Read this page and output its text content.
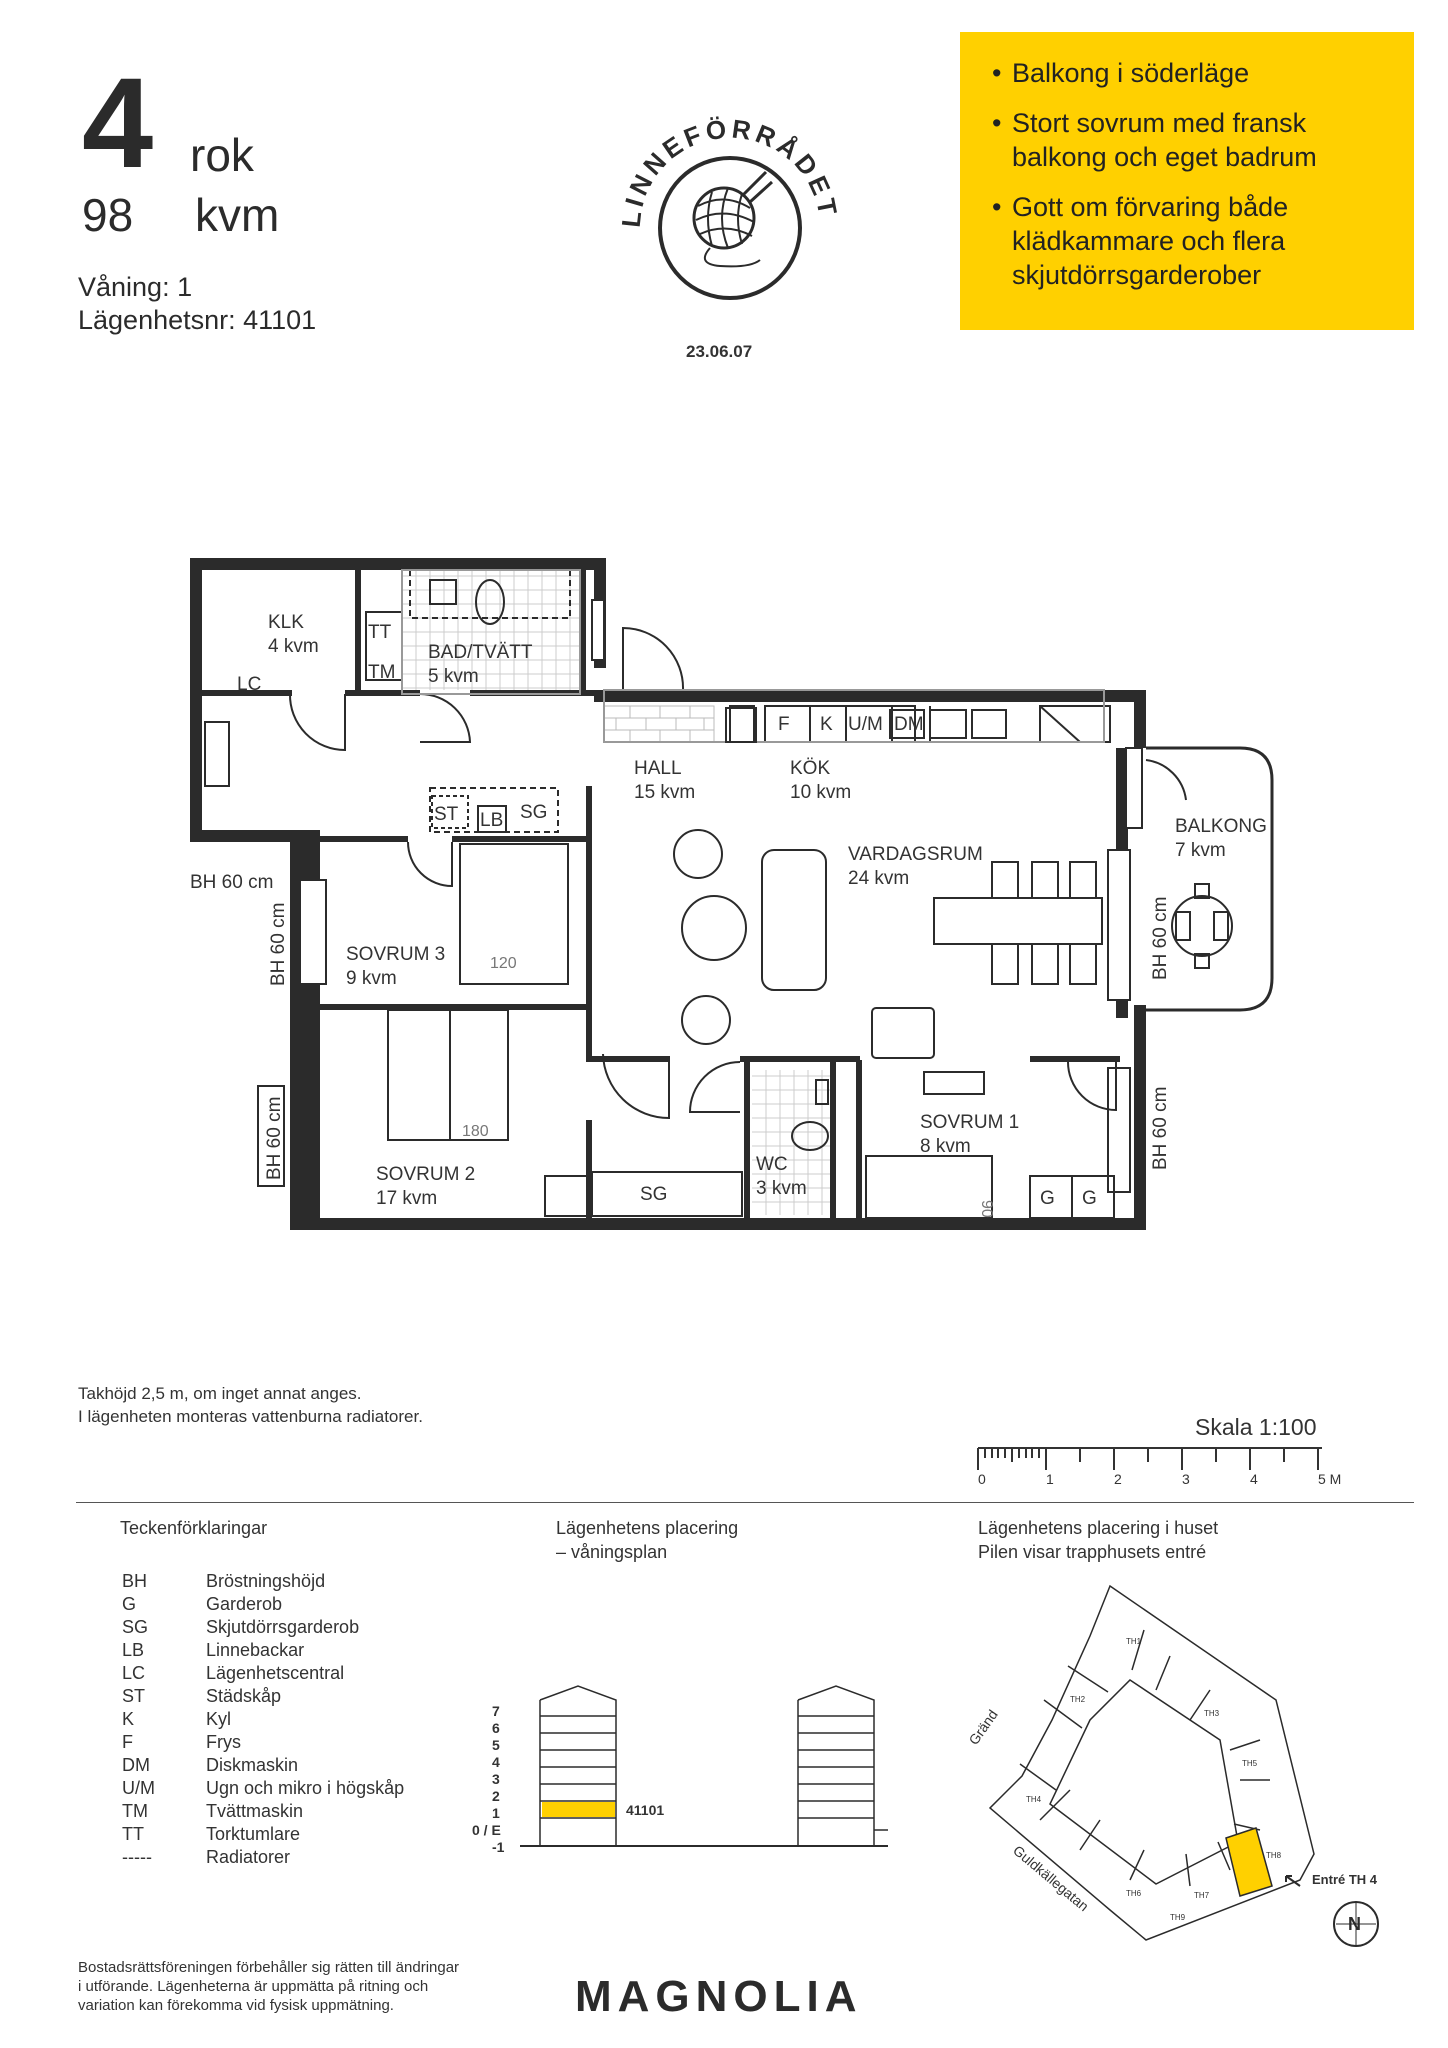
4 rok
98 kvm
Våning: 1
Lägenhetsnr: 41101
LINNEFÖRRÅDET
23.06.07
• Balkong i söderläge
• Stort sovrum med fransk balkong och eget badrum
• Gott om förvaring både klädkammare och flera skjutdörrsgarderober
KLK
4 kvm	BAD/TVÄTT
5 kvm
TT
TM
LC
HALL
15 kvm
KÖK
10 kvm
F K U/M DM
ST LB SG
VARDAGSRUM
24 kvm
BALKONG
7 kvm
SOVRUM 3
9 kvm
120
SOVRUM 2
17 kvm
180	SOVRUM 1
8 kvm
SG
WC
3 kvm	G G
BH 60 cm
BH 60 cm
BH 60 cm
BH 60 cm
BH 60 cm
90
Takhöjd 2,5 m, om inget annat anges.
I lägenheten monteras vattenburna radiatorer.	Skala 1:100
0	1	2	3	4	5 M
Teckenförklaringar
BH	Bröstningshöjd
G	Garderob
SG	Skjutdörrsgarderob
LB	Linnebackar
LC	Lägenhetscentral
ST	Städskåp
K	Kyl
F	Frys
DM	Diskmaskin
U/M	Ugn och mikro i högskåp
TM	Tvättmaskin
TT	Torktumlare
-----	Radiatorer
Lägenhetens placering
– våningsplan
7
6
5
4
3
2
1
0 / E
-1
41101
Lägenhetens placering i huset
Pilen visar trapphusets entré
TH1
TH2
TH3
TH4
TH5
TH6	TH7
TH8
TH9
Gränd
Guldkällegatan	Entré TH 4
N
Bostadsrättsföreningen förbehåller sig rätten till ändringar
i utförande. Lägenheterna är uppmätta på ritning och
variation kan förekomma vid fysisk uppmätning.	MAGNOLIA
